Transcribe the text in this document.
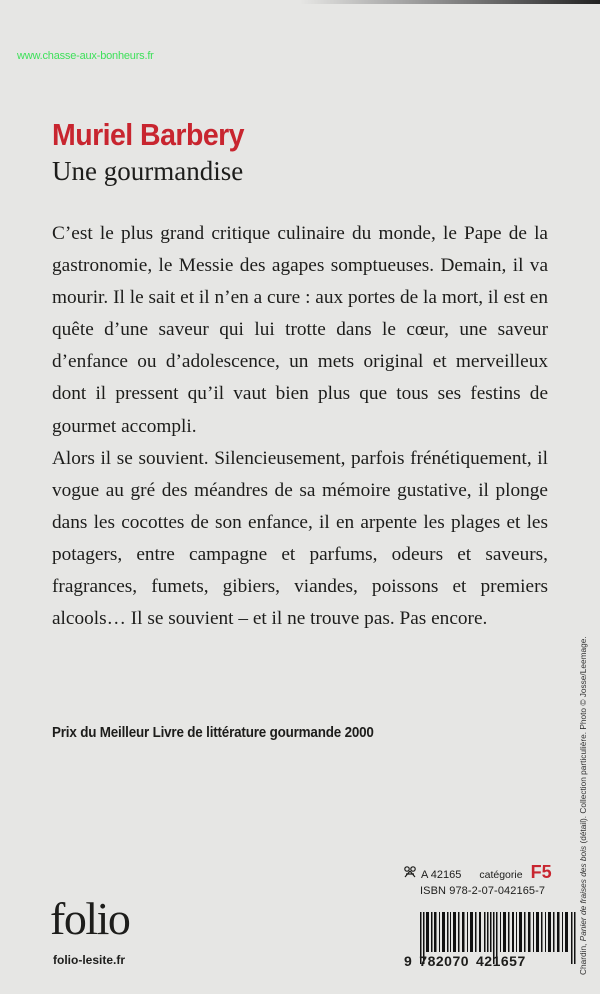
www.chasse-aux-bonheurs.fr
Muriel Barbery
Une gourmandise

C’est le plus grand critique culinaire du monde, le Pape de la gastronomie, le Messie des agapes somptueuses. Demain, il va mourir. Il le sait et il n’en a cure : aux portes de la mort, il est en quête d’une saveur qui lui trotte dans le cœur, une saveur d’enfance ou d’adolescence, un mets original et merveilleux dont il pressent qu’il vaut bien plus que tous ses festins de gourmet accompli.

Alors il se souvient. Silencieusement, parfois frénétiquement, il vogue au gré des méandres de sa mémoire gustative, il plonge dans les cocottes de son enfance, il en arpente les plages et les potagers, entre campagne et parfums, odeurs et saveurs, fragrances, fumets, gibiers, viandes, poissons et premiers alcools… Il se souvient – et il ne trouve pas. Pas encore.

Prix du Meilleur Livre de littérature gourmande 2000
Chardin, Panier de fraises des bois (détail). Collection particulière. Photo © Josse/Leemage.
A 42165 catégorie F5
ISBN 978-2-07-042165-7
9 782070 421657
folio
folio-lesite.fr
